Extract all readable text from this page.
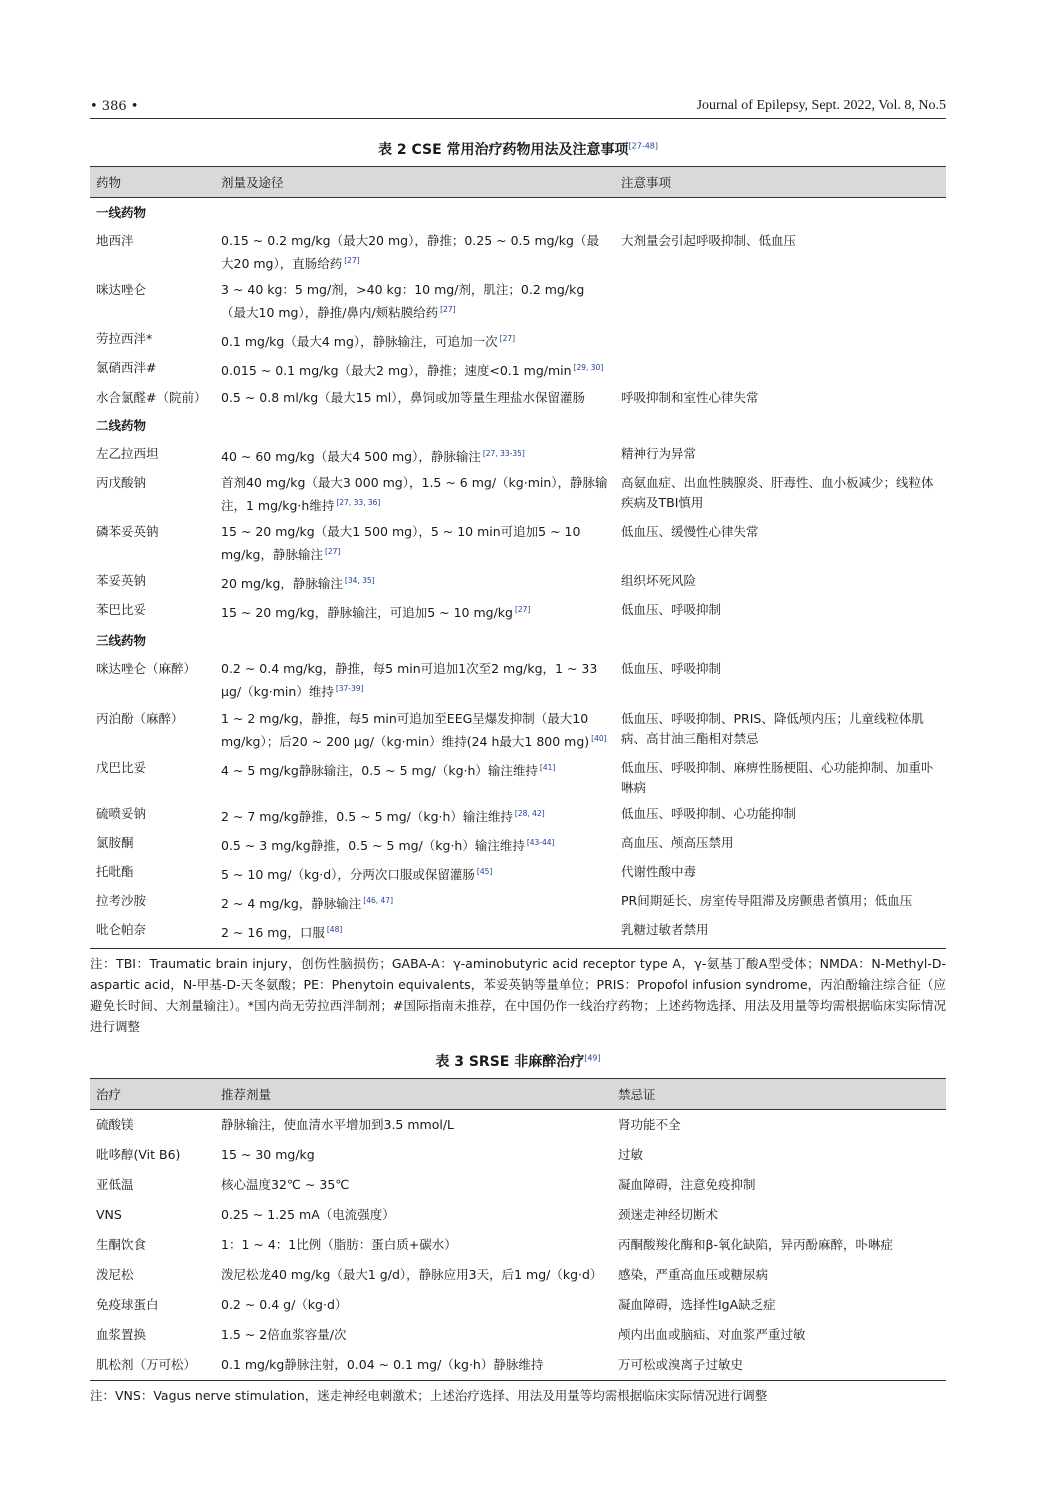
• 386 •	Journal of Epilepsy, Sept. 2022, Vol. 8, No.5
表 2 CSE 常用治疗药物用法及注意事项[27-48]
药物	剂量及途径	注意事项
一线药物		
地西泮	0.15 ~ 0.2 mg/kg（最大20 mg），静推；0.25 ~ 0.5 mg/kg（最大20 mg），直肠给药 [27]	大剂量会引起呼吸抑制、低血压
咪达唑仑	3 ~ 40 kg：5 mg/剂，>40 kg：10 mg/剂，肌注；0.2 mg/kg（最大10 mg），静推/鼻内/颊粘膜给药 [27]	
劳拉西泮*	0.1 mg/kg（最大4 mg），静脉输注，可追加一次 [27]	
氯硝西泮#	0.015 ~ 0.1 mg/kg（最大2 mg），静推；速度<0.1 mg/min [29, 30]	
水合氯醛#（院前）	0.5 ~ 0.8 ml/kg（最大15 ml），鼻饲或加等量生理盐水保留灌肠	呼吸抑制和室性心律失常
二线药物		
左乙拉西坦	40 ~ 60 mg/kg（最大4 500 mg），静脉输注 [27, 33-35]	精神行为异常
丙戊酸钠	首剂40 mg/kg（最大3 000 mg），1.5 ~ 6 mg/（kg·min），静脉输注，1 mg/kg·h维持 [27, 33, 36]	高氨血症、出血性胰腺炎、肝毒性、血小板减少；线粒体疾病及TBI慎用
磷苯妥英钠	15 ~ 20 mg/kg（最大1 500 mg），5 ~ 10 min可追加5 ~ 10 mg/kg，静脉输注 [27]	低血压、缓慢性心律失常
苯妥英钠	20 mg/kg，静脉输注 [34, 35]	组织坏死风险
苯巴比妥	15 ~ 20 mg/kg，静脉输注，可追加5 ~ 10 mg/kg [27]	低血压、呼吸抑制
三线药物		
咪达唑仑（麻醉）	0.2 ~ 0.4 mg/kg，静推，每5 min可追加1次至2 mg/kg，1 ~ 33 μg/（kg·min）维持 [37-39]	低血压、呼吸抑制
丙泊酚（麻醉）	1 ~ 2 mg/kg，静推，每5 min可追加至EEG呈爆发抑制（最大10 mg/kg）；后20 ~ 200 μg/（kg·min）维持(24 h最大1 800 mg) [40]	低血压、呼吸抑制、PRIS、降低颅内压；儿童线粒体肌病、高甘油三酯相对禁忌
戊巴比妥	4 ~ 5 mg/kg静脉输注，0.5 ~ 5 mg/（kg·h）输注维持 [41]	低血压、呼吸抑制、麻痹性肠梗阻、心功能抑制、加重卟啉病
硫喷妥钠	2 ~ 7 mg/kg静推，0.5 ~ 5 mg/（kg·h）输注维持 [28, 42]	低血压、呼吸抑制、心功能抑制
氯胺酮	0.5 ~ 3 mg/kg静推，0.5 ~ 5 mg/（kg·h）输注维持 [43-44]	高血压、颅高压禁用
托吡酯	5 ~ 10 mg/（kg·d），分两次口服或保留灌肠 [45]	代谢性酸中毒
拉考沙胺	2 ~ 4 mg/kg，静脉输注 [46, 47]	PR间期延长、房室传导阻滞及房颤患者慎用；低血压
吡仑帕奈	2 ~ 16 mg，口服 [48]	乳糖过敏者禁用
注：TBI：Traumatic brain injury，创伤性脑损伤；GABA-A：γ-aminobutyric acid receptor type A，γ-氨基丁酸A型受体；NMDA：N-Methyl-D-aspartic acid，N-甲基-D-天冬氨酸；PE：Phenytoin equivalents，苯妥英钠等量单位；PRIS：Propofol infusion syndrome，丙泊酚输注综合征（应避免长时间、大剂量输注）。*国内尚无劳拉西泮制剂；#国际指南未推荐，在中国仍作一线治疗药物；上述药物选择、用法及用量等均需根据临床实际情况进行调整
表 3 SRSE 非麻醉治疗[49]
治疗	推荐剂量	禁忌证
硫酸镁	静脉输注，使血清水平增加到3.5 mmol/L	肾功能不全
吡哆醇(Vit B6)	15 ~ 30 mg/kg	过敏
亚低温	核心温度32℃ ~ 35℃	凝血障碍，注意免疫抑制
VNS	0.25 ~ 1.25 mA（电流强度）	颈迷走神经切断术
生酮饮食	1：1 ~ 4：1比例（脂肪：蛋白质+碳水）	丙酮酸羧化酶和β-氧化缺陷，异丙酚麻醉，卟啉症
泼尼松	泼尼松龙40 mg/kg（最大1 g/d），静脉应用3天，后1 mg/（kg·d）	感染，严重高血压或糖尿病
免疫球蛋白	0.2 ~ 0.4 g/（kg·d）	凝血障碍，选择性IgA缺乏症
血浆置换	1.5 ~ 2倍血浆容量/次	颅内出血或脑疝、对血浆严重过敏
肌松剂（万可松）	0.1 mg/kg静脉注射，0.04 ~ 0.1 mg/（kg·h）静脉维持	万可松或溴离子过敏史
注：VNS：Vagus nerve stimulation，迷走神经电刺激术；上述治疗选择、用法及用量等均需根据临床实际情况进行调整
